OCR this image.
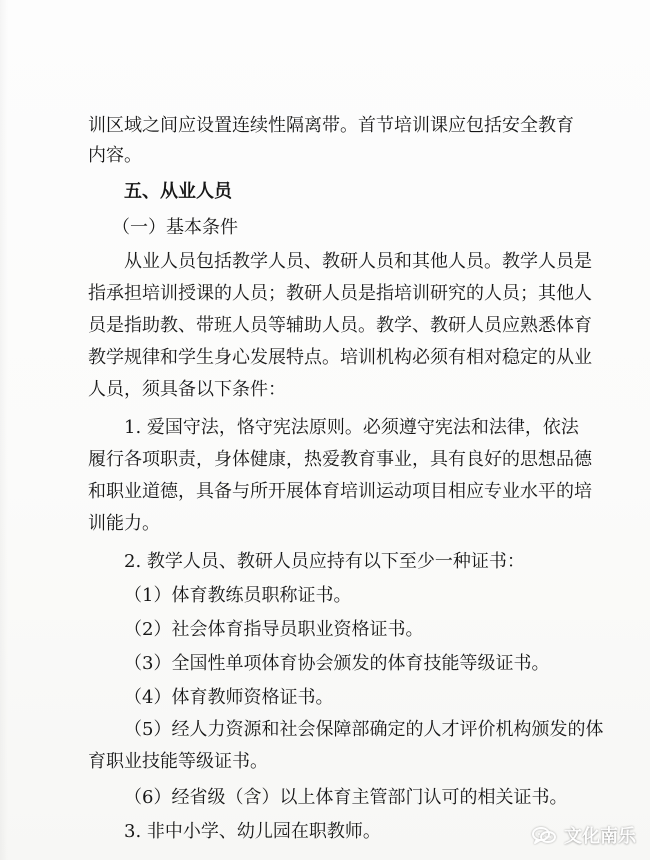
训区域之间应设置连续性隔离带。首节培训课应包括安全教育

内容。

五、从业人员

（一）基本条件

从业人员包括教学人员、教研人员和其他人员。教学人员是

指承担培训授课的人员；教研人员是指培训研究的人员；其他人

员是指助教、带班人员等辅助人员。教学、教研人员应熟悉体育

教学规律和学生身心发展特点。培训机构必须有相对稳定的从业

人员，须具备以下条件：

1. 爱国守法，恪守宪法原则。必须遵守宪法和法律，依法

履行各项职责，身体健康，热爱教育事业，具有良好的思想品德

和职业道德，具备与所开展体育培训运动项目相应专业水平的培

训能力。

2. 教学人员、教研人员应持有以下至少一种证书：

（1）体育教练员职称证书。

（2）社会体育指导员职业资格证书。

（3）全国性单项体育协会颁发的体育技能等级证书。

（4）体育教师资格证书。

（5）经人力资源和社会保障部确定的人才评价机构颁发的体

育职业技能等级证书。

（6）经省级（含）以上体育主管部门认可的相关证书。

3. 非中小学、幼儿园在职教师。	文化南乐
